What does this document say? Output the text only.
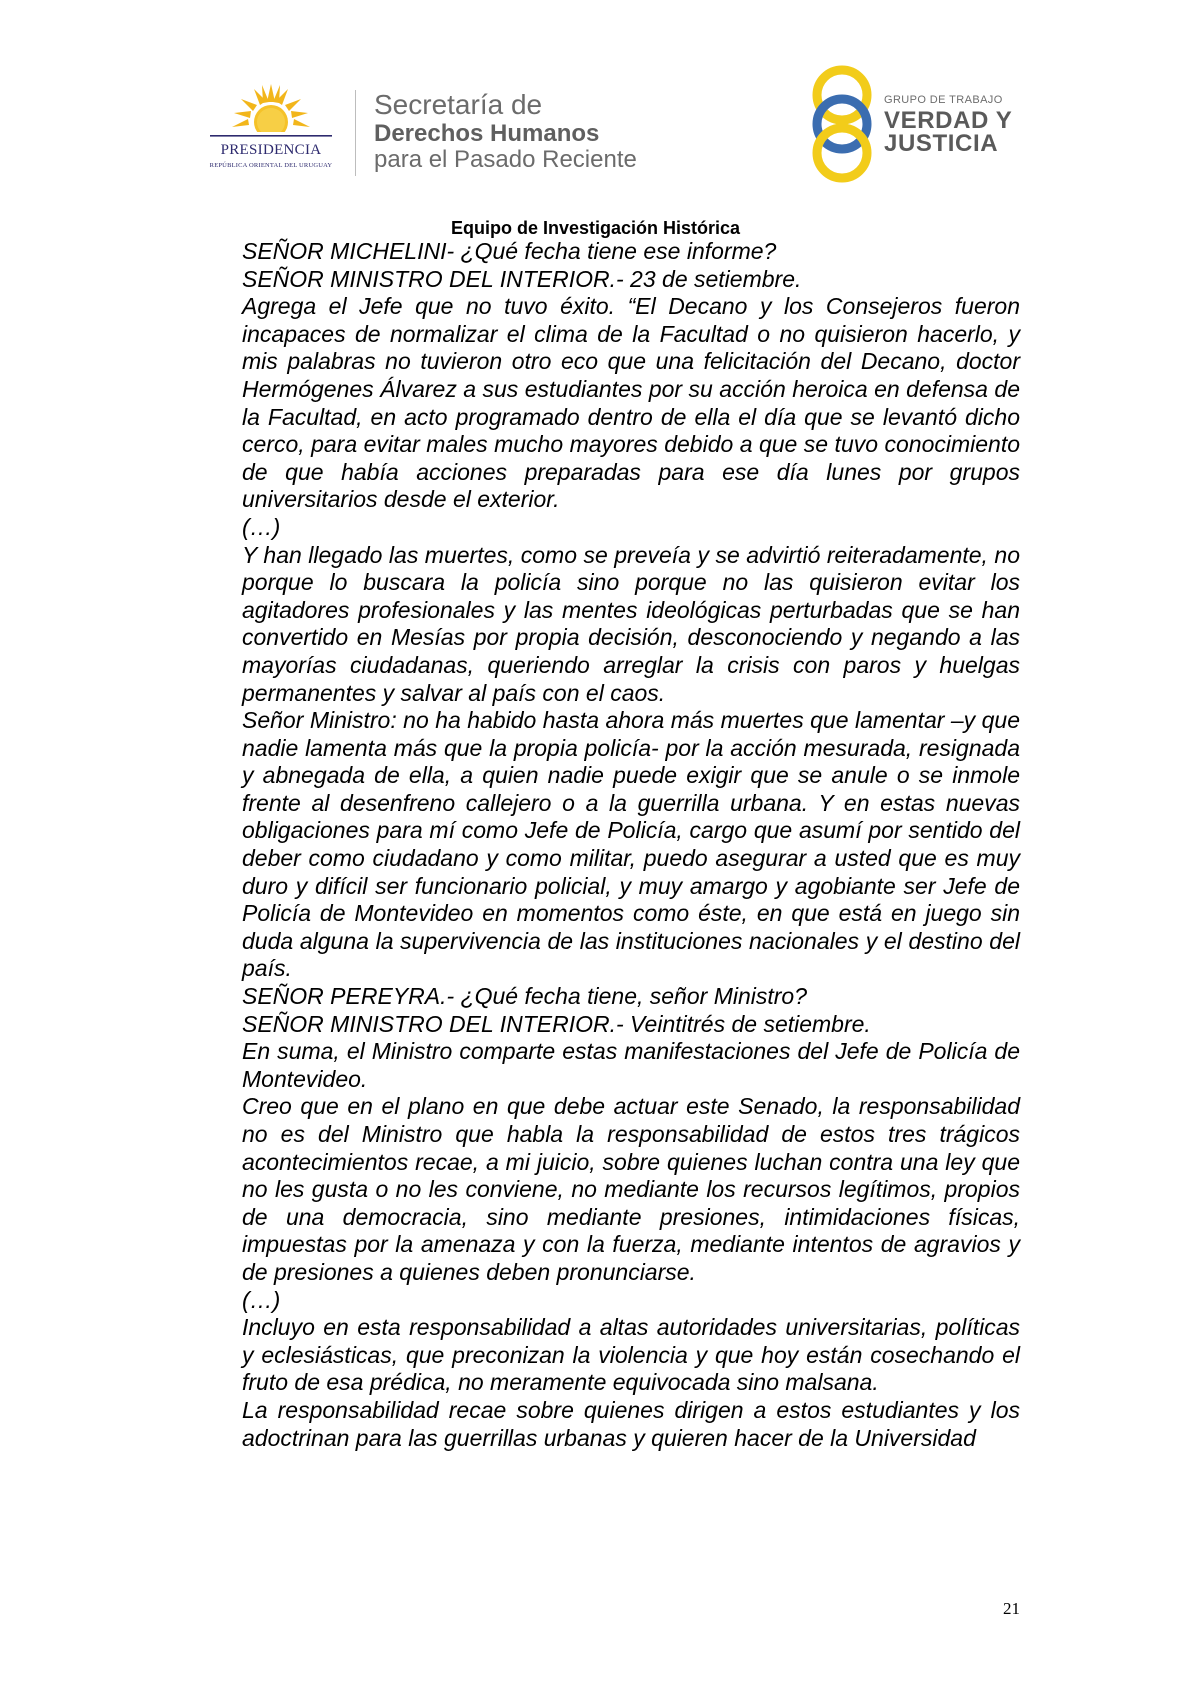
PRESIDENCIA
REPÚBLICA ORIENTAL DEL URUGUAY
Secretaría de
Derechos Humanos
para el Pasado Reciente
GRUPO DE TRABAJO
VERDAD Y
JUSTICIA
Equipo de Investigación Histórica

SEÑOR MICHELINI- ¿Qué fecha tiene ese informe?

SEÑOR MINISTRO DEL INTERIOR.- 23 de setiembre.

Agrega el Jefe que no tuvo éxito. “El Decano y los Consejeros fueron incapaces de normalizar el clima de la Facultad o no quisieron hacerlo, y mis palabras no tuvieron otro eco que una felicitación del Decano, doctor Hermógenes Álvarez a sus estudiantes por su acción heroica en defensa de la Facultad, en acto programado dentro de ella el día que se levantó dicho cerco, para evitar males mucho mayores debido a que se tuvo conocimiento de que había acciones preparadas para ese día lunes por grupos universitarios desde el exterior.

(…)

Y han llegado las muertes, como se preveía y se advirtió reiteradamente, no porque lo buscara la policía sino porque no las quisieron evitar los agitadores profesionales y las mentes ideológicas perturbadas que se han convertido en Mesías por propia decisión, desconociendo y negando a las mayorías ciudadanas, queriendo arreglar la crisis con paros y huelgas permanentes y salvar al país con el caos.

Señor Ministro: no ha habido hasta ahora más muertes que lamentar –y que nadie lamenta más que la propia policía- por la acción mesurada, resignada y abnegada de ella, a quien nadie puede exigir que se anule o se inmole frente al desenfreno callejero o a la guerrilla urbana. Y en estas nuevas obligaciones para mí como Jefe de Policía, cargo que asumí por sentido del deber como ciudadano y como militar, puedo asegurar a usted que es muy duro y difícil ser funcionario policial, y muy amargo y agobiante ser Jefe de Policía de Montevideo en momentos como éste, en que está en juego sin duda alguna la supervivencia de las instituciones nacionales y el destino del país.

SEÑOR PEREYRA.- ¿Qué fecha tiene, señor Ministro?

SEÑOR MINISTRO DEL INTERIOR.- Veintitrés de setiembre.

En suma, el Ministro comparte estas manifestaciones del Jefe de Policía de Montevideo.

Creo que en el plano en que debe actuar este Senado, la responsabilidad no es del Ministro que habla la responsabilidad de estos tres trágicos acontecimientos recae, a mi juicio, sobre quienes luchan contra una ley que no les gusta o no les conviene, no mediante los recursos legítimos, propios de una democracia, sino mediante presiones, intimidaciones físicas, impuestas por la amenaza y con la fuerza, mediante intentos de agravios y de presiones a quienes deben pronunciarse.

(…)

Incluyo en esta responsabilidad a altas autoridades universitarias, políticas y eclesiásticas, que preconizan la violencia y que hoy están cosechando el fruto de esa prédica, no meramente equivocada sino malsana.

La responsabilidad recae sobre quienes dirigen a estos estudiantes y los adoctrinan para las guerrillas urbanas y quieren hacer de la Universidad

21
